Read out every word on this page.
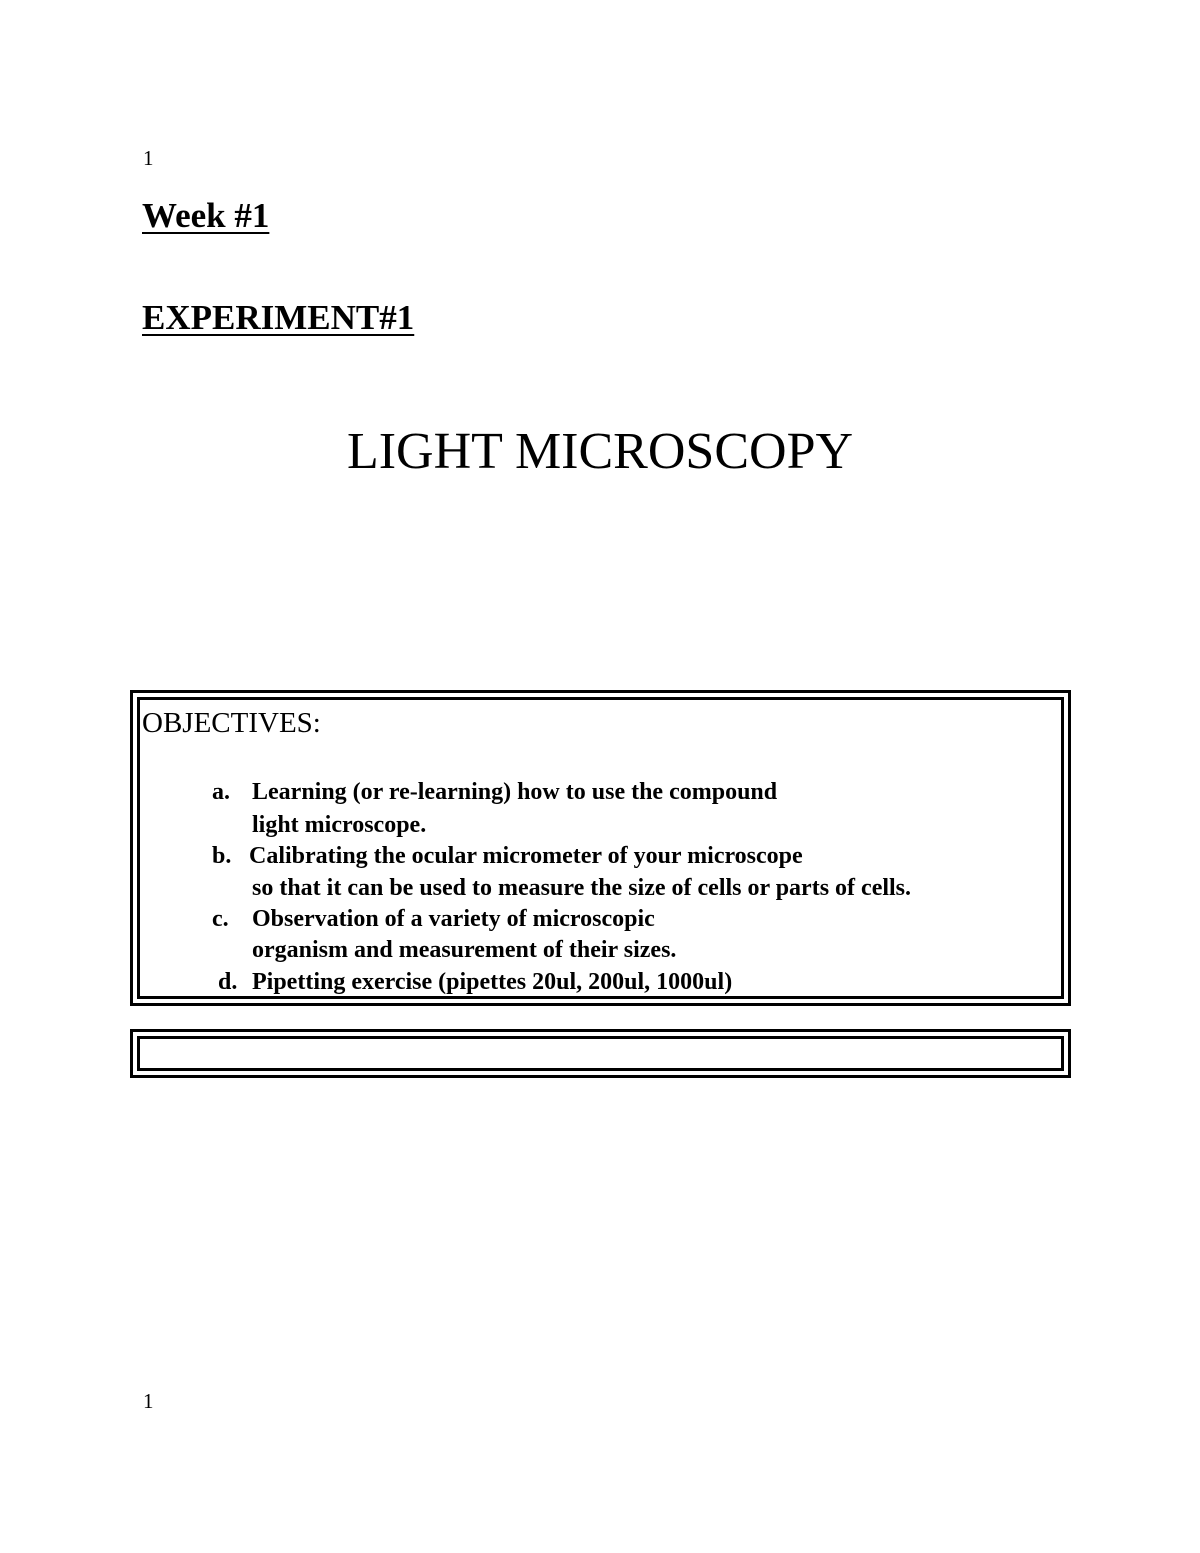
1
Week #1
EXPERIMENT#1
LIGHT MICROSCOPY
OBJECTIVES:
a. Learning (or re-learning) how to use the compound
light microscope.
b. Calibrating the ocular micrometer of your microscope
so that it can be used to measure the size of cells or parts of cells.
c. Observation of a variety of microscopic
organism and measurement of their sizes.
d. Pipetting exercise (pipettes 20ul, 200ul, 1000ul)
1
